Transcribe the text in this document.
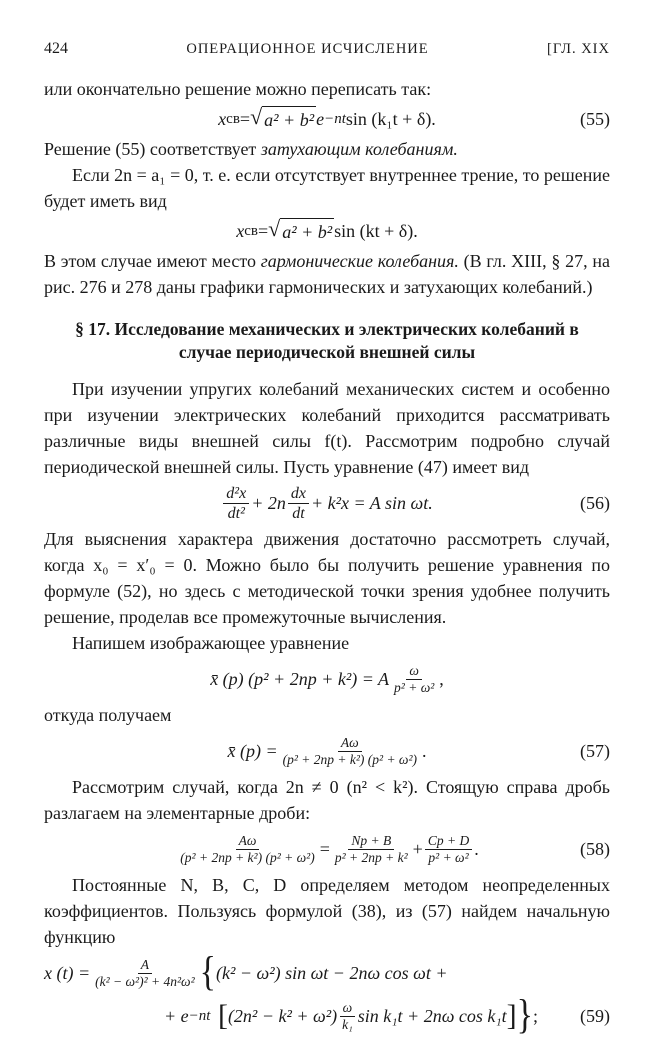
424	ОПЕРАЦИОННОЕ ИСЧИСЛЕНИЕ	[ГЛ. XIX

или окончательно решение можно переписать так:

x св = √ a² + b² e −nt sin (k₁t + δ).	(55)

Решение (55) соответствует затухающим колебаниям.

Если 2n = a₁ = 0, т. е. если отсутствует внутреннее трение, то решение будет иметь вид

x св = √ a² + b² sin (kt + δ).

В этом случае имеют место гармонические колебания. (В гл. XIII, § 27, на рис. 276 и 278 даны графики гармонических и затухающих колебаний.)

§ 17. Исследование механических и электрических колебаний в случае периодической внешней силы

При изучении упругих колебаний механических систем и особенно при изучении электрических колебаний приходится рассматривать различные виды внешней силы f(t). Рассмотрим подробно случай периодической внешней силы. Пусть уравнение (47) имеет вид

$\frac{\text{d²x}}{\text{dt²}} + 2n \frac{dx}{dt} + k^2x = A$ sin ωt.	(56)

Для выяснения характера движения достаточно рассмотреть случай, когда x₀ = x′₀ = 0. Можно было бы получить решение уравнения по формуле (52), но здесь с методической точки зрения удобнее получить решение, проделав все промежуточные вычисления.

Напишем изображающее уравнение

x̄ (p) (p² + 2np + k²) = A $\frac{\omega}{\text{p² + ω²}}$ ,

откуда получаем

x̄ $(p) = \frac{A\omega}{\text{(p² + 2np + k²) (p² + ω²)}}$ .	(57)

Рассмотрим случай, когда 2n ≠ 0 (n² < k²). Стоящую справа дробь разлагаем на элементарные дроби:

$\frac{A\omega}{\text{(p² + 2np + k²) (p² + ω²)}} = \frac{Np + B}{\text{p² + 2np + k²}} + \frac{Cp + D}{\text{p² + ω²}}$ .	(58)

Постоянные N, B, C, D определяем методом неопределенных коэффициентов. Пользуясь формулой (38), из (57) найдем начальную функцию

x $(t) = \frac{A}{\text{(k² − ω²)² + 4n²ω²}}$ { (k² − ω²) sin ωt − 2nω cos ωt +
+ e −nt [ $(2n^2 - k^2 + \omega^2) \frac{\omega}{\text{k₁}}$ sin k₁t + 2nω cos k₁t ] } ; (59)
